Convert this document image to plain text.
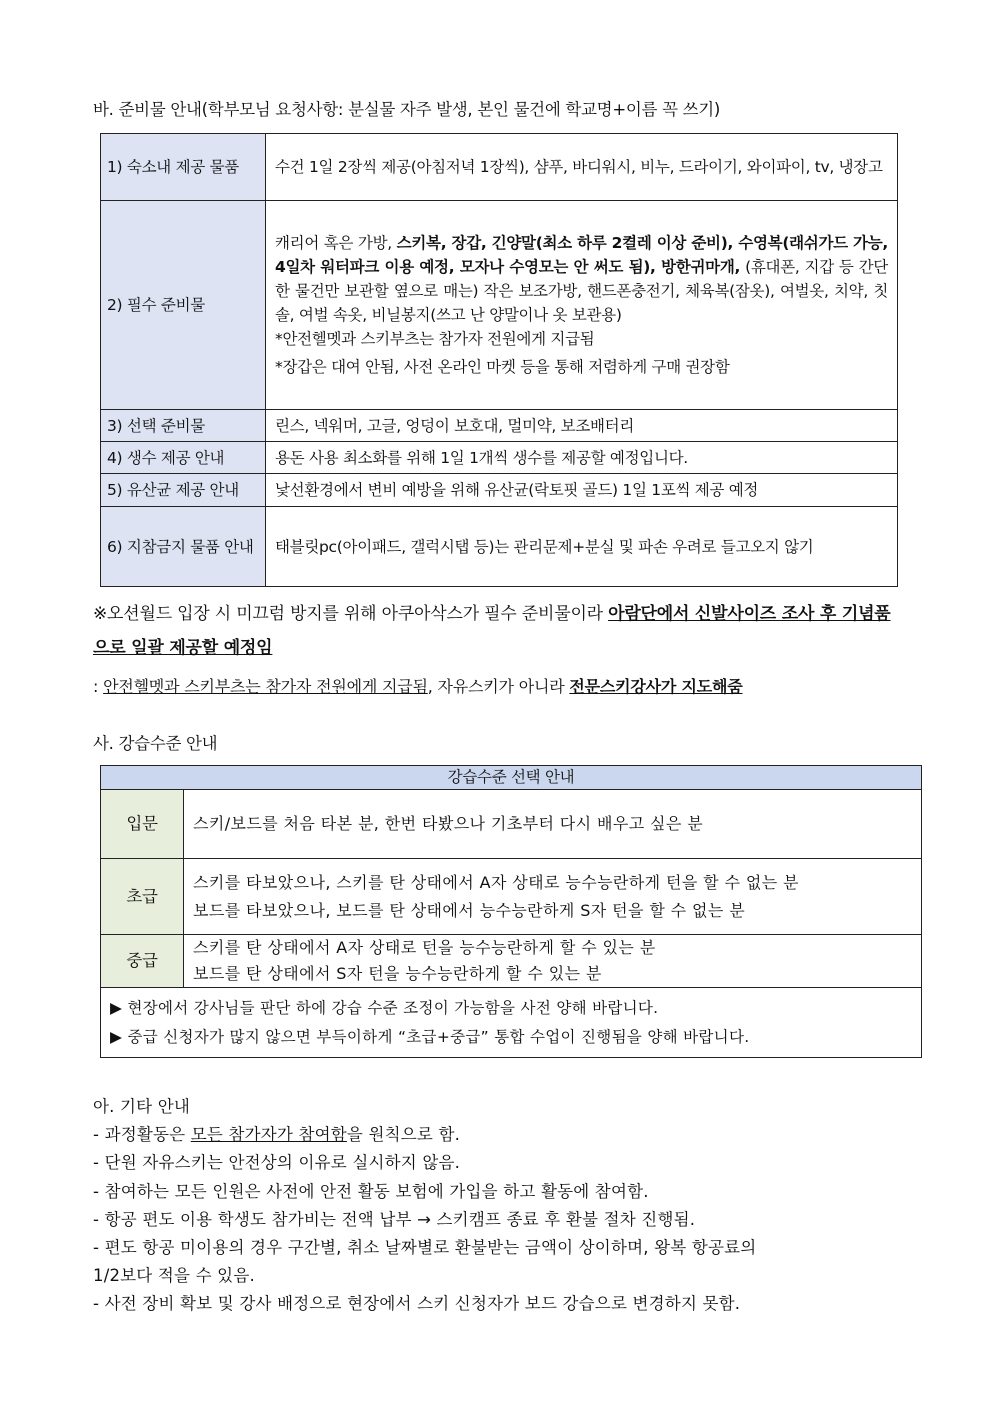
바. 준비물 안내(학부모님 요청사항: 분실물 자주 발생, 본인 물건에 학교명+이름 꼭 쓰기)
1) 숙소내 제공 물품	수건 1일 2장씩 제공(아침저녁 1장씩), 샴푸, 바디워시, 비누, 드라이기, 와이파이, tv, 냉장고
2) 필수 준비물	캐리어 혹은 가방, 스키복, 장갑, 긴양말(최소 하루 2켤레 이상 준비), 수영복(래쉬가드 가능, 4일차 워터파크 이용 예정, 모자나 수영모는 안 써도 됨), 방한귀마개, (휴대폰, 지갑 등 간단한 물건만 보관할 옆으로 매는) 작은 보조가방, 핸드폰충전기, 체육복(잠옷), 여벌옷, 치약, 칫솔, 여벌 속옷, 비닐봉지(쓰고 난 양말이나 옷 보관용)
*안전헬멧과 스키부츠는 참가자 전원에게 지급됨
*장갑은 대여 안됨, 사전 온라인 마켓 등을 통해 저렴하게 구매 권장함

3) 선택 준비물	린스, 넥워머, 고글, 엉덩이 보호대, 멀미약, 보조배터리
4) 생수 제공 안내	용돈 사용 최소화를 위해 1일 1개씩 생수를 제공할 예정입니다.
5) 유산균 제공 안내	낯선환경에서 변비 예방을 위해 유산균(락토핏 골드) 1일 1포씩 제공 예정
6) 지참금지 물품 안내	태블릿pc(아이패드, 갤럭시탭 등)는 관리문제+분실 및 파손 우려로 들고오지 않기
※오션월드 입장 시 미끄럼 방지를 위해 아쿠아삭스가 필수 준비물이라 아람단에서 신발사이즈 조사 후 기념품으로 일괄 제공할 예정임
: 안전헬멧과 스키부츠는 참가자 전원에게 지급됨, 자유스키가 아니라 전문스키강사가 지도해줌
사. 강습수준 안내
강습수준 선택 안내	
입문	스키/보드를 처음 타본 분, 한번 타봤으나 기초부터 다시 배우고 싶은 분

초급	스키를 타보았으나, 스키를 탄 상태에서 A자 상태로 능수능란하게 턴을 할 수 없는 분
보드를 타보았으나, 보드를 탄 상태에서 능수능란하게 S자 턴을 할 수 없는 분

중급	스키를 탄 상태에서 A자 상태로 턴을 능수능란하게 할 수 있는 분
보드를 탄 상태에서 S자 턴을 능수능란하게 할 수 있는 분

▶ 현장에서 강사님들 판단 하에 강습 수준 조정이 가능함을 사전 양해 바랍니다.
▶ 중급 신청자가 많지 않으면 부득이하게 “초급+중급” 통합 수업이 진행됨을 양해 바랍니다.	
아. 기타 안내
- 과정활동은 모든 참가자가 참여함을 원칙으로 함.
- 단원 자유스키는 안전상의 이유로 실시하지 않음.
- 참여하는 모든 인원은 사전에 안전 활동 보험에 가입을 하고 활동에 참여함.
- 항공 편도 이용 학생도 참가비는 전액 납부 → 스키캠프 종료 후 환불 절차 진행됨.
- 편도 항공 미이용의 경우 구간별, 취소 날짜별로 환불받는 금액이 상이하며, 왕복 항공료의
1/2보다 적을 수 있음.
- 사전 장비 확보 및 강사 배정으로 현장에서 스키 신청자가 보드 강습으로 변경하지 못함.
